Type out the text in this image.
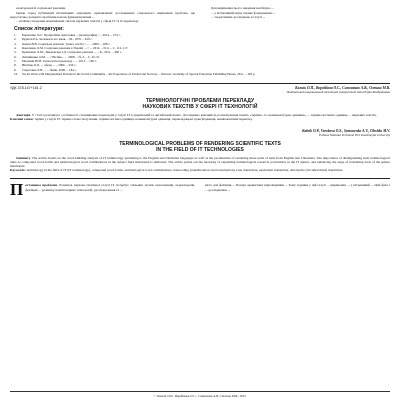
електронної й соціальної реклами.

Однак серед публікацій вітчизняних науковців, присвячених дослідженню соціального вирішення проблем, ще недостатньо розкрито проблеми власне функціонування ...

... шляхів створення повноцінних систем наукових текстів у сфері ІТ та їх перекладу.

Для вирішення цього завдання необхідно ...

... у вітчизняній науці сприяє формуванню ...

... теоретичних досліджень в галузі ...

Список літератури:
1.	Борисенко О.С. Професійна підготовка ... [монографія] / ... 2014. – 274 с.
2.	Будагов Р.А. Человек и его язык. – М., 1976. – 429 с.
3.	Іванов В.В. Соціальна реклама : [навч. посіб.] / ... – 2009. – 208 с.
4.	Коваленко О.М. Соціальна реклама в Україні ... // ... 2012. – № 6. – С. 112–117.
5.	Кравченко Л.М., Зіньковська І.Д. Соціальна реклама ... – К., 2011. – 360 с.
6.	Литвиненко О.М. ... // Вісник ... – 2008. – № 3. – С. 45–51.
7.	Мельник Ю.В. Технологія перекладу ... – 2013. – 190 с.
8.	Нікітюк О.О. ... сфера ... – 2006. – 256 с.
9.	Сиротенко Л.В. ... – Львів, 2009. – 184 с.
10.	Social Work with Marginalized Persons in the Social Community – the Experience of Poland and Norway. – Warsaw: Academy of Special Education Publishing House, 2011. – 320 p.
УДК 378.147+161.2	Калнік О.П., Воробйова О.С., Симоненко А.В., Олешко М.В.
Полтавський національний технічний університет імені Юрія Кондратюка
ТЕРМІНОЛОГІЧНІ ПРОБЛЕМИ ПЕРЕКЛАДУ
НАУКОВИХ ТЕКСТІВ У СФЕРІ ІТ ТЕХНОЛОГІЙ
Анотація. У статті розглянуто особливості словникових перекладів у галузі ІТ в українській та англійській мовах. Досліджено важливість розмежування понять «термін» та «номенклатурна одиниця», ... термінологічних одиниць ... наукових текстів.
Ключові слова: термін у галузі ІТ, термін-словосполучення, термінологічна одиниця, номенклатурна одиниця, перекладацька трансформація, еквівалентний переклад.
Kalnik O.P., Vorobova O.S., Symonenko A.V., Oleshko M.V.
Poltava National Technical Yuri Kondratyuk University
TERMINOLOGICAL PROBLEMS OF RENDERING SCIENTIFIC TEXTS
IN THE FIELD OF IT TECHNOLOGIES
Summary. The article dwells on the word-building analysis of IT terminology pertaining to the English and Ukrainian languages as well as the peculiarities of rendering these units of term from English into Ukrainian. The importance of distinguishing such terminological units as compound word-forms and terminological word combinations in the subject field mentioned is indicated. The article points out the necessity of expanding terminological research, particularly in the IT sphere, and enhancing the stage of translating texts of the sphere mentioned.
Keywords: terminology in the field of IT (IT terminology), compound word-forms, terminological word combinations, transcoding (transliteration and transcription), loan translation, equivalent translation, descriptive (circumscribed) translation.

П остановка проблеми. Розвиток науково-технічної галузі ІТ потребує спільних зусиль мовознавців, перекладачів, фахівців ... розвитку комп'ютерних технологій, удосконалення та ...

вість для фахівців ... Пошук адекватних відповідників ... Тому терміни у цій галузі ... вирішення ... у вітчизняній ... Цей факт і ... дослідження ...

© Калнік О.П., Воробйова О.С., Симоненко А.В., Олешко М.В., 2015
